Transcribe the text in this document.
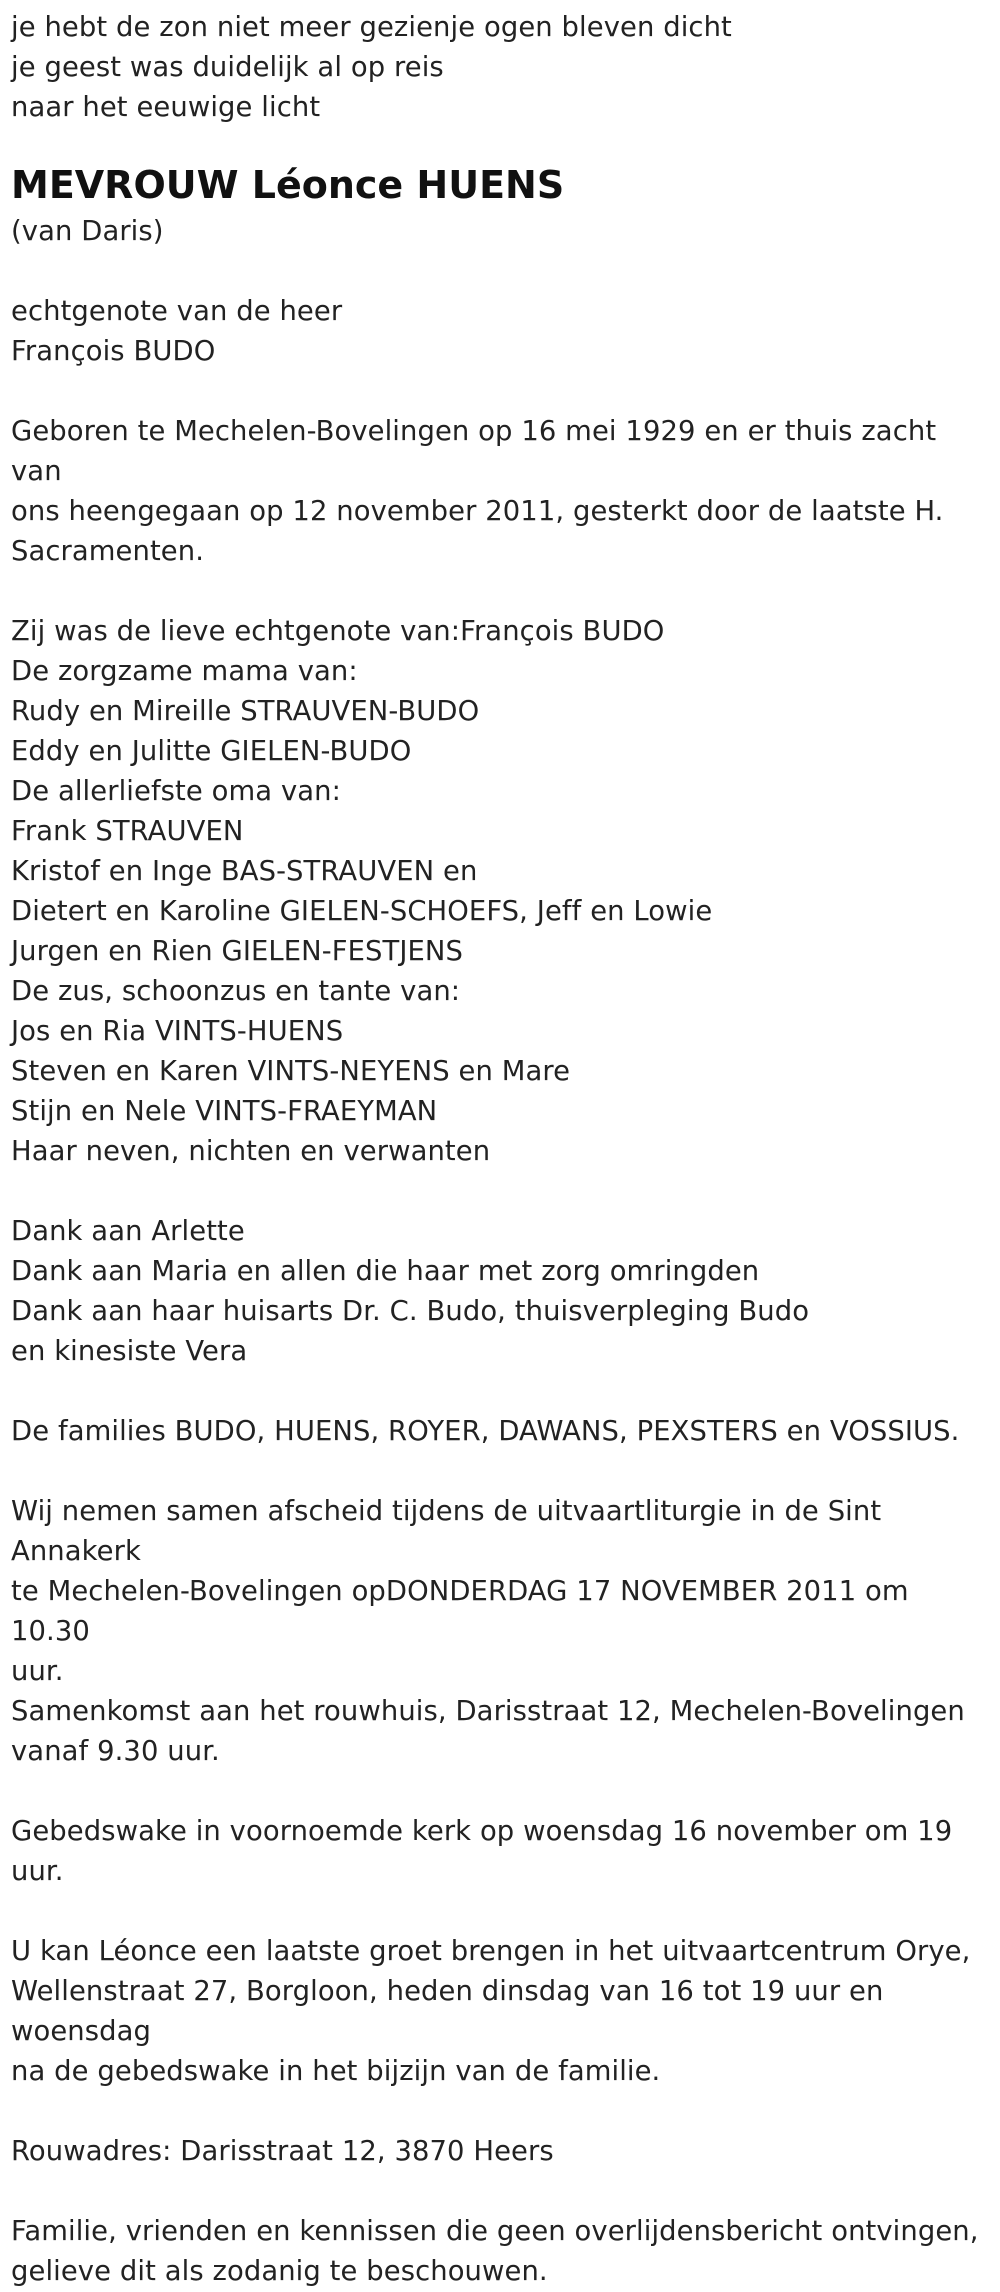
je hebt de zon niet meer gezienje ogen bleven dicht
je geest was duidelijk al op reis
naar het eeuwige licht
MEVROUW Léonce HUENS
(van Daris)
echtgenote van de heer
François BUDO
Geboren te Mechelen-Bovelingen op 16 mei 1929 en er thuis zacht van
ons heengegaan op 12 november 2011, gesterkt door de laatste H.
Sacramenten.
Zij was de lieve echtgenote van:François BUDO
De zorgzame mama van:
Rudy en Mireille STRAUVEN-BUDO
Eddy en Julitte GIELEN-BUDO
De allerliefste oma van:
Frank STRAUVEN
Kristof en Inge BAS-STRAUVEN en
Dietert en Karoline GIELEN-SCHOEFS, Jeff en Lowie
Jurgen en Rien GIELEN-FESTJENS
De zus, schoonzus en tante van:
Jos en Ria VINTS-HUENS
Steven en Karen VINTS-NEYENS en Mare
Stijn en Nele VINTS-FRAEYMAN
Haar neven, nichten en verwanten
Dank aan Arlette
Dank aan Maria en allen die haar met zorg omringden
Dank aan haar huisarts Dr. C. Budo, thuisverpleging Budo
en kinesiste Vera
De families BUDO, HUENS, ROYER, DAWANS, PEXSTERS en VOSSIUS.
Wij nemen samen afscheid tijdens de uitvaartliturgie in de Sint Annakerk
te Mechelen-Bovelingen opDONDERDAG 17 NOVEMBER 2011 om 10.30
uur.
Samenkomst aan het rouwhuis, Darisstraat 12, Mechelen-Bovelingen
vanaf 9.30 uur.
Gebedswake in voornoemde kerk op woensdag 16 november om 19 uur.
U kan Léonce een laatste groet brengen in het uitvaartcentrum Orye,
Wellenstraat 27, Borgloon, heden dinsdag van 16 tot 19 uur en woensdag
na de gebedswake in het bijzijn van de familie.
Rouwadres: Darisstraat 12, 3870 Heers
Familie, vrienden en kennissen die geen overlijdensbericht ontvingen,
gelieve dit als zodanig te beschouwen.
